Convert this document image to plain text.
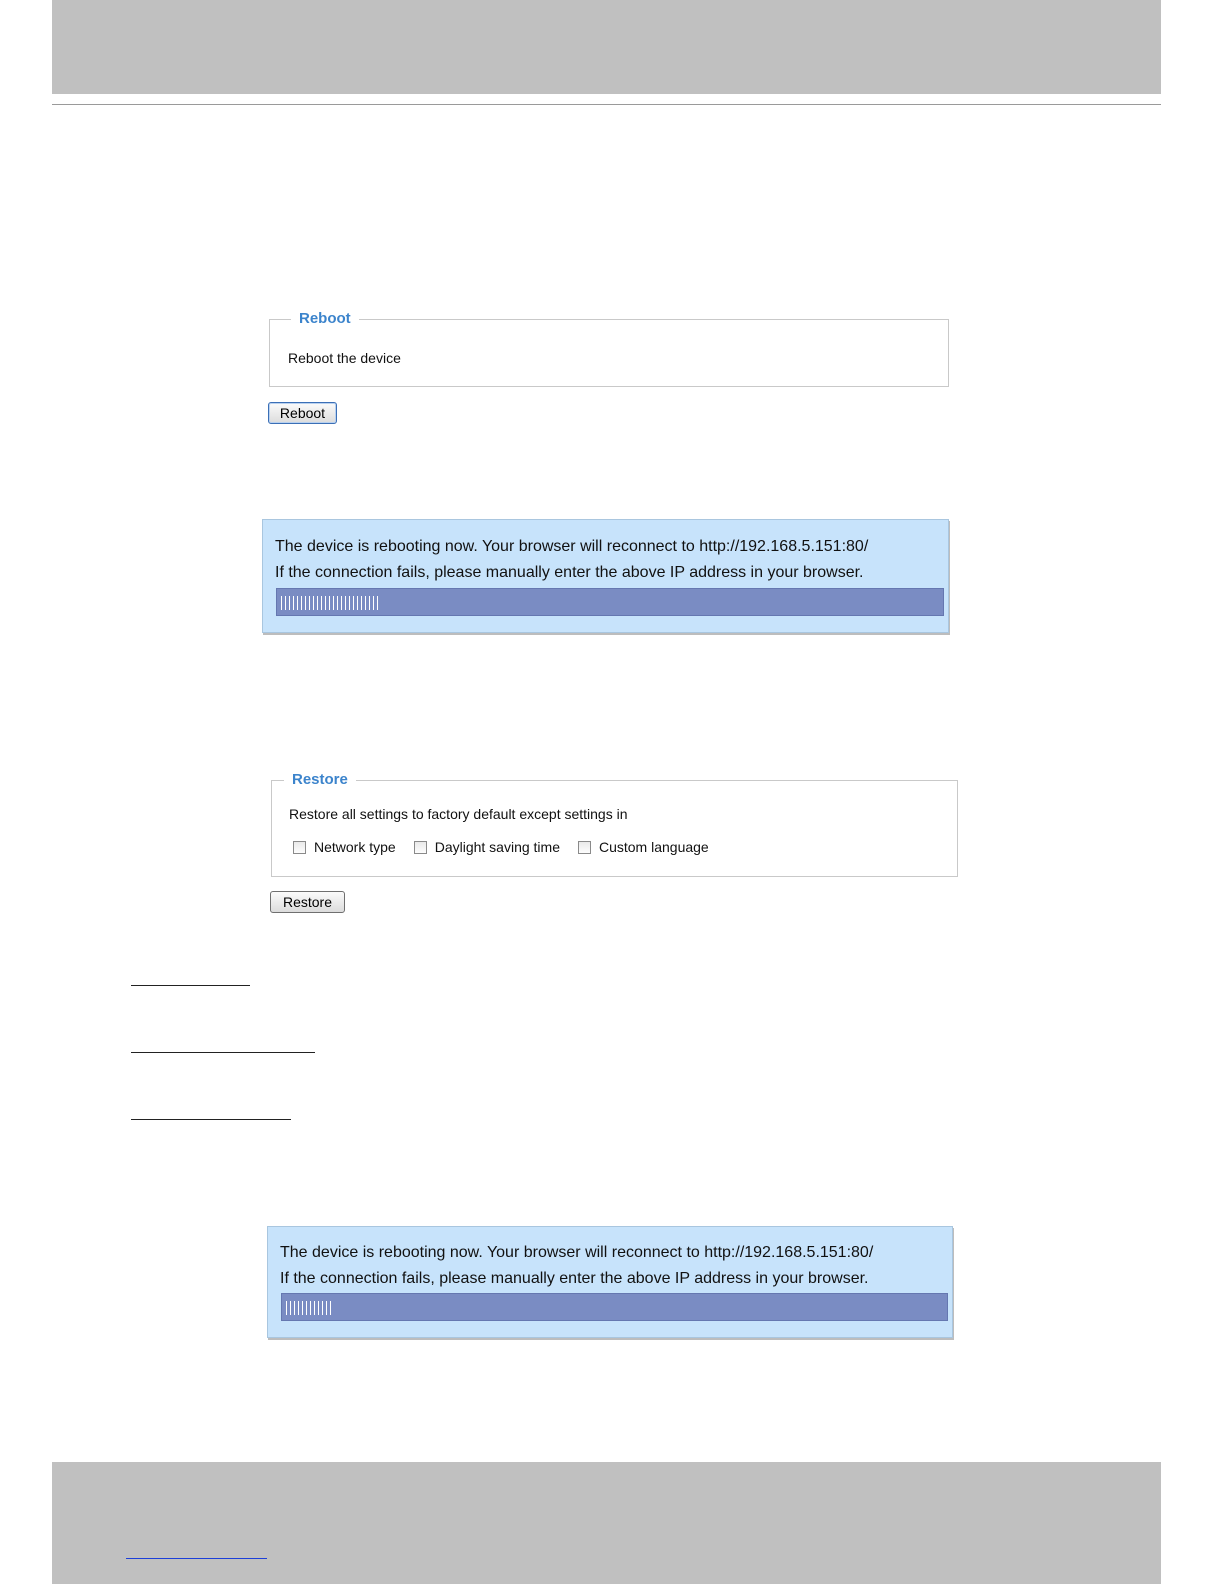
Reboot
Reboot the device
Reboot
The device is rebooting now. Your browser will reconnect to http://192.168.5.151:80/
If the connection fails, please manually enter the above IP address in your browser.
Restore
Restore all settings to factory default except settings in
Network type	Daylight saving time	Custom language
Restore
The device is rebooting now. Your browser will reconnect to http://192.168.5.151:80/
If the connection fails, please manually enter the above IP address in your browser.
